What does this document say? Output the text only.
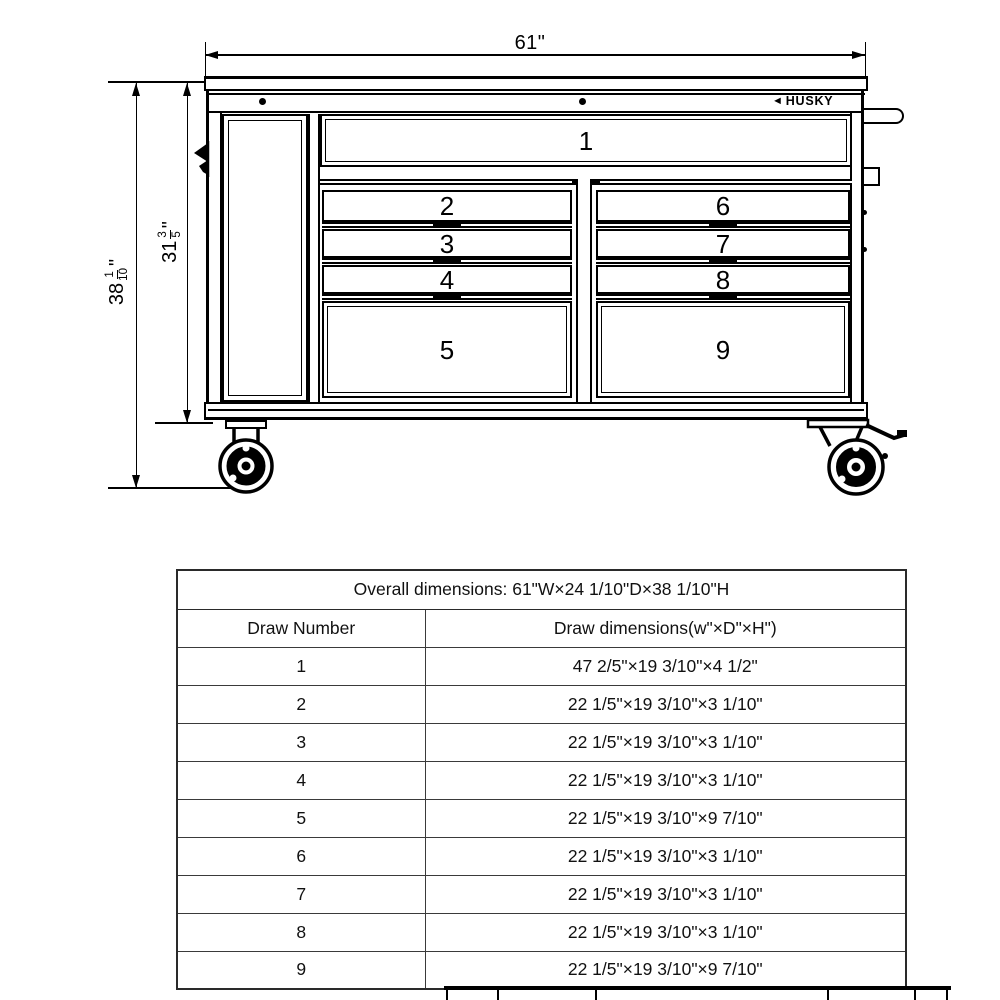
61"
38
1 10
" 31
3 5
"
◄ HUSKY
1
2
3
4
5
6
7
8
9
Overall dimensions: 61"W×24 1/10"D×38 1/10"H	
Draw Number	Draw dimensions(w"×D"×H")
1	47 2/5"×19 3/10"×4 1/2"
2	22 1/5"×19 3/10"×3 1/10"
3	22 1/5"×19 3/10"×3 1/10"
4	22 1/5"×19 3/10"×3 1/10"
5	22 1/5"×19 3/10"×9 7/10"
6	22 1/5"×19 3/10"×3 1/10"
7	22 1/5"×19 3/10"×3 1/10"
8	22 1/5"×19 3/10"×3 1/10"
9	22 1/5"×19 3/10"×9 7/10"
